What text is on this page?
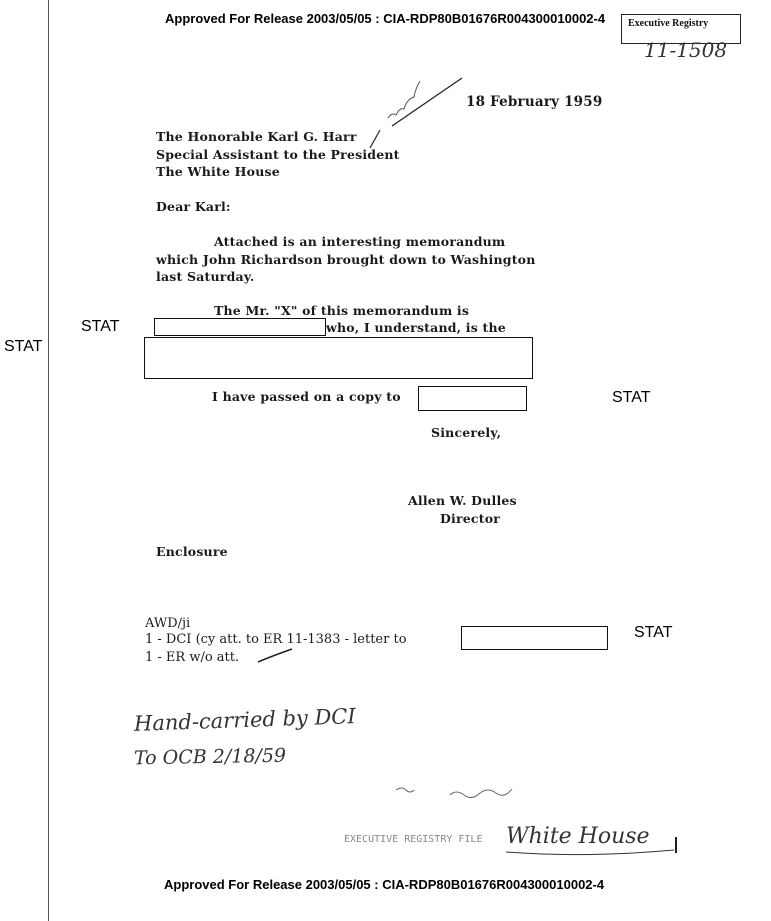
Approved For Release 2003/05/05 : CIA-RDP80B01676R004300010002-4	Executive Registry
11-1508
18 February 1959
The Honorable Karl G. Harr
Special Assistant to the President
The White House
Dear Karl:
Attached is an interesting memorandum
which John Richardson brought down to Washington
last Saturday.
The Mr. "X" of this memorandum is
STAT	who, I understand, is the
STAT
I have passed on a copy to	STAT
Sincerely,
Allen W. Dulles
Director
Enclosure
AWD/ji
1 - DCI (cy att. to ER 11-1383 - letter to	STAT
1 - ER w/o att.
Hand-carried by DCI
To OCB 2/18/59
EXECUTIVE REGISTRY FILE White House
Approved For Release 2003/05/05 : CIA-RDP80B01676R004300010002-4
